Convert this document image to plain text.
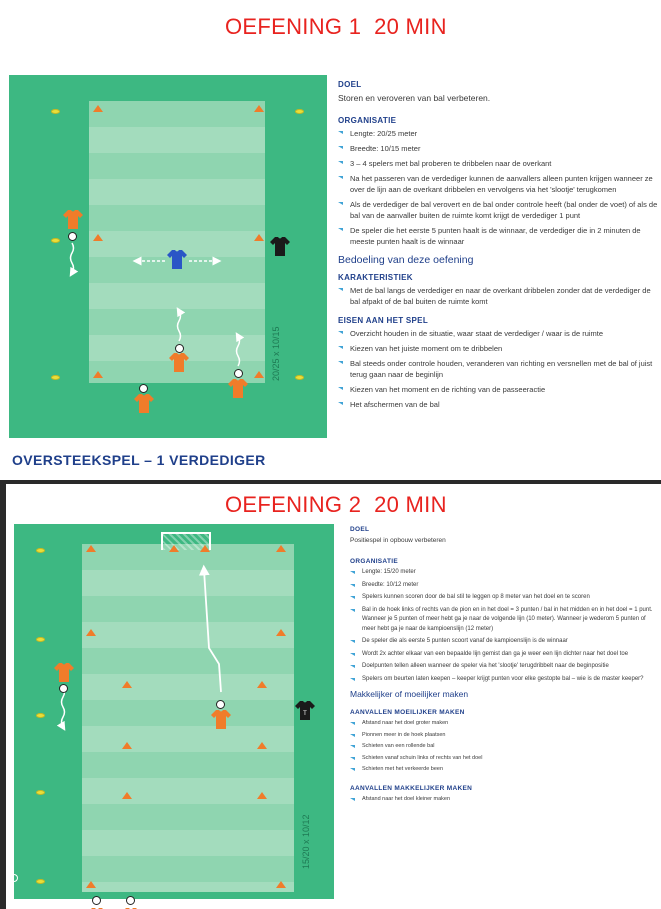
OEFENING 1  20 MIN
20/25 x 10/15
DOEL
Storen en veroveren van bal verbeteren.
ORGANISATIE
Lengte: 20/25 meter
Breedte: 10/15 meter
3 – 4 spelers met bal proberen te dribbelen naar de overkant
Na het passeren van de verdediger kunnen de aanvallers alleen punten krijgen wanneer ze over de lijn aan de overkant dribbelen en vervolgens via het 'slootje' terugkomen
Als de verdediger de bal verovert en de bal onder controle heeft (bal onder de voet) of als de bal van de aanvaller buiten de ruimte komt krijgt de verdediger 1 punt
De speler die het eerste 5 punten haalt is de winnaar, de verdediger die in 2 minuten de meeste punten haalt is de winnaar
Bedoeling van deze oefening
KARAKTERISTIEK
Met de bal langs de verdediger en naar de overkant dribbelen zonder dat de verdediger de bal afpakt of de bal buiten de ruimte komt
EISEN AAN HET SPEL
Overzicht houden in de situatie, waar staat de verdediger / waar is de ruimte
Kiezen van het juiste moment om te dribbelen
Bal steeds onder controle houden, veranderen van richting en versnellen met de bal of juist terug gaan naar de beginlijn
Kiezen van het moment en de richting van de passeeractie
Het afschermen van de bal
OVERSTEEKSPEL – 1 VERDEDIGER
OEFENING 2  20 MIN
T
15/20 x 10/12
DOEL
Positiespel in opbouw verbeteren
ORGANISATIE
Lengte: 15/20 meter
Breedte: 10/12 meter
Spelers kunnen scoren door de bal stil te leggen op 8 meter van het doel en te scoren
Bal in de hoek links of rechts van de pion en in het doel = 3 punten / bal in het midden en in het doel = 1 punt. Wanneer je 5 punten of meer hebt ga je naar de volgende lijn (10 meter). Wanneer je wederom 5 punten of meer hebt ga je naar de kampioenslijn (12 meter)
De speler die als eerste 5 punten scoort vanaf de kampioenslijn is de winnaar
Wordt 2x achter elkaar van een bepaalde lijn gemist dan ga je weer een lijn dichter naar het doel toe
Doelpunten tellen alleen wanneer de speler via het 'slootje' terugdribbelt naar de beginpositie
Spelers om beurten laten keepen – keeper krijgt punten voor elke gestopte bal – wie is de master keeper?
Makkelijker of moeilijker maken
AANVALLEN MOEILIJKER MAKEN
Afstand naar het doel groter maken
Pionnen meer in de hoek plaatsen
Schieten van een rollende bal
Schieten vanaf schuin links of rechts van het doel
Schieten met het verkeerde been
AANVALLEN MAKKELIJKER MAKEN
Afstand naar het doel kleiner maken
